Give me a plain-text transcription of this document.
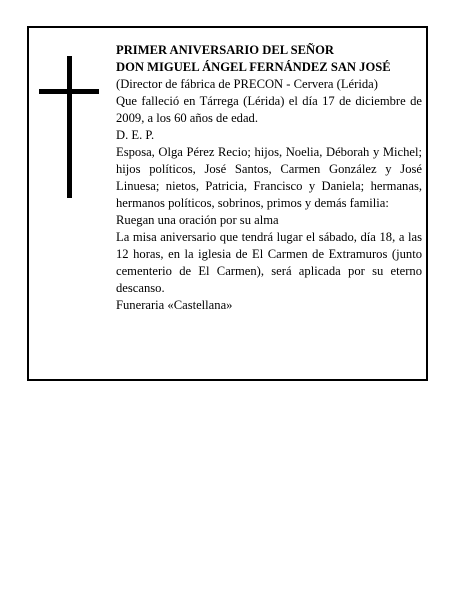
PRIMER ANIVERSARIO DEL SEÑOR

DON MIGUEL ÁNGEL FERNÁNDEZ SAN JOSÉ

(Director de fábrica de PRECON - Cervera (Lérida)

Que falleció en Tárrega (Lérida) el día 17 de diciembre de 2009, a los 60 años de edad.

D. E. P.

Esposa, Olga Pérez Recio; hijos, Noelia, Déborah y Michel; hijos políticos, José Santos, Carmen González y José Linuesa; nietos, Patricia, Francisco y Daniela; hermanas, hermanos políticos, sobrinos, primos y demás familia:

Ruegan una oración por su alma

La misa aniversario que tendrá lugar el sábado, día 18, a las 12 horas, en la iglesia de El Carmen de Extramuros (junto cementerio de El Carmen), será aplicada por su eterno descanso.

Funeraria «Castellana»
